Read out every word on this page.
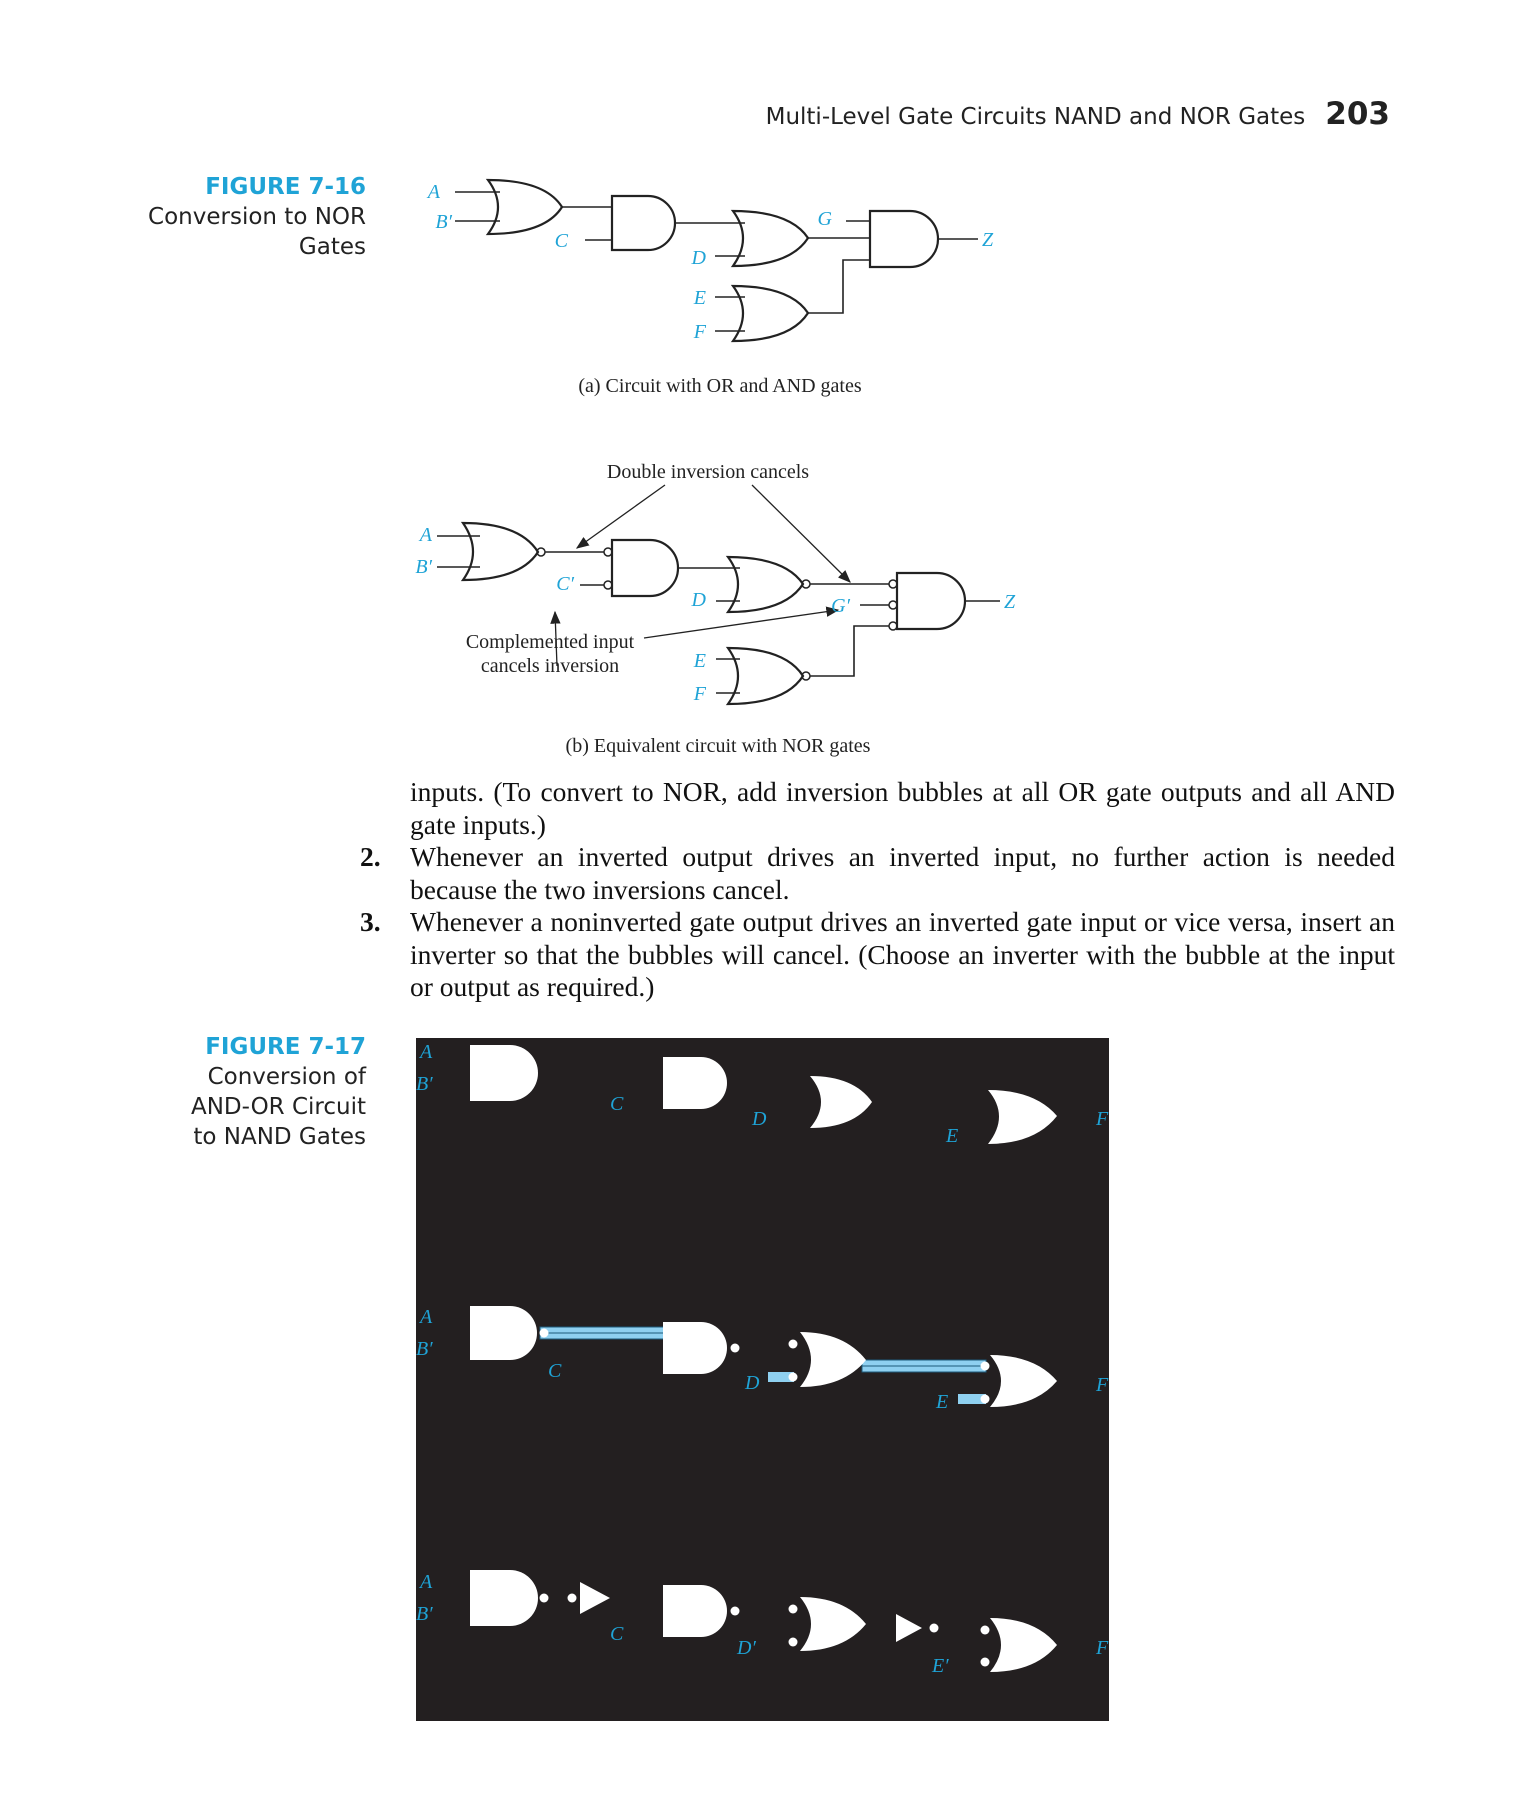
Multi-Level Gate Circuits NAND and NOR Gates 203
FIGURE 7-16
Conversion to NOR
Gates
A
B′
C
D
G
Z
E
F
(a) Circuit with OR and AND gates
Double inversion cancels
A
B′
C′
D	G′	Z
E
F
Complemented input
cancels inversion
(b) Equivalent circuit with NOR gates

inputs. (To convert to NOR, add inversion bubbles at all OR gate outputs and all AND gate inputs.)

2. Whenever an inverted output drives an inverted input, no further action is needed because the two inversions cancel.
3. Whenever a noninverted gate output drives an inverted gate input or vice versa, insert an inverter so that the bubbles will cancel. (Choose an inverter with the bubble at the input or output as required.)
FIGURE 7-17
Conversion of
AND-OR Circuit
to NAND Gates
A
B′
C
D
E
F
A
B′
C
D
E
F
A
B′
C
D′
E′
F
